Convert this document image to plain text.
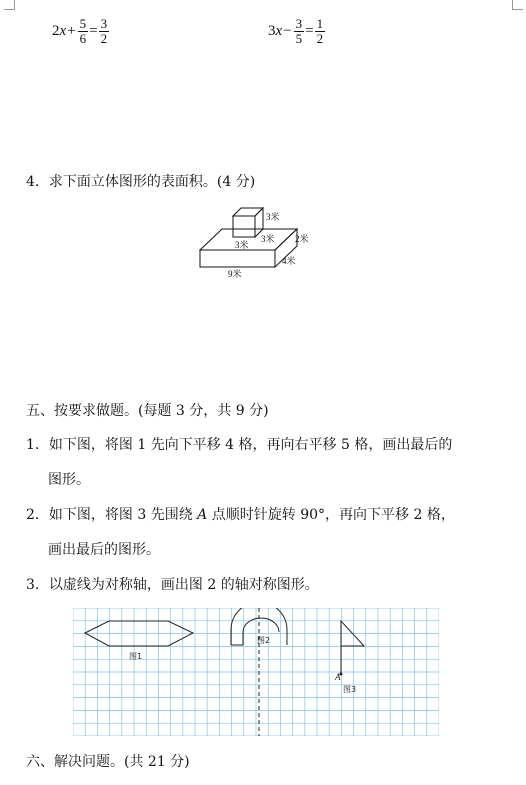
2 $x + \frac{5}{6} = \frac{3}{2}$	3 $x - \frac{3}{5} = \frac{1}{2}$
4．求下面立体图形的表面积。(4 分)
3米
3米
3米
2米
4米
9米
五、按要求做题。(每题 3 分，共 9 分)
1．如下图，将图 1 先向下平移 4 格，再向右平移 5 格，画出最后的
图形。
2．如下图，将图 3 先围绕 A 点顺时针旋转 90°，再向下平移 2 格，
画出最后的图形。
3．以虚线为对称轴，画出图 2 的轴对称图形。
图1
图2
A
图3
六、解决问题。(共 21 分)
